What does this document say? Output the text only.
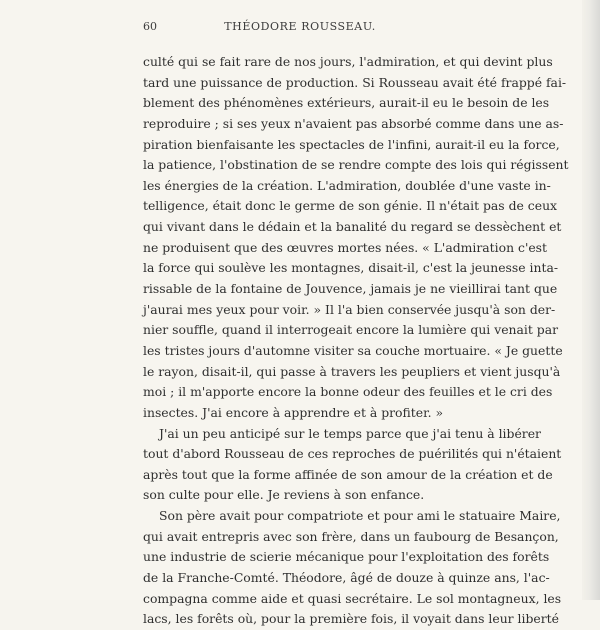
60	THÉODORE ROUSSEAU.
culté qui se fait rare de nos jours, l'admiration, et qui devint plus
tard une puissance de production. Si Rousseau avait été frappé fai-
blement des phénomènes extérieurs, aurait-il eu le besoin de les
reproduire ; si ses yeux n'avaient pas absorbé comme dans une as-
piration bienfaisante les spectacles de l'infini, aurait-il eu la force,
la patience, l'obstination de se rendre compte des lois qui régissent
les énergies de la création. L'admiration, doublée d'une vaste in-
telligence, était donc le germe de son génie. Il n'était pas de ceux
qui vivant dans le dédain et la banalité du regard se dessèchent et
ne produisent que des œuvres mortes nées. « L'admiration c'est
la force qui soulève les montagnes, disait-il, c'est la jeunesse inta-
rissable de la fontaine de Jouvence, jamais je ne vieillirai tant que
j'aurai mes yeux pour voir. » Il l'a bien conservée jusqu'à son der-
nier souffle, quand il interrogeait encore la lumière qui venait par
les tristes jours d'automne visiter sa couche mortuaire. « Je guette
le rayon, disait-il, qui passe à travers les peupliers et vient jusqu'à
moi ; il m'apporte encore la bonne odeur des feuilles et le cri des
insectes. J'ai encore à apprendre et à profiter. »
J'ai un peu anticipé sur le temps parce que j'ai tenu à libérer
tout d'abord Rousseau de ces reproches de puérilités qui n'étaient
après tout que la forme affinée de son amour de la création et de
son culte pour elle. Je reviens à son enfance.
Son père avait pour compatriote et pour ami le statuaire Maire,
qui avait entrepris avec son frère, dans un faubourg de Besançon,
une industrie de scierie mécanique pour l'exploitation des forêts
de la Franche-Comté. Théodore, âgé de douze à quinze ans, l'ac-
compagna comme aide et quasi secrétaire. Le sol montagneux, les
lacs, les forêts où, pour la première fois, il voyait dans leur liberté
